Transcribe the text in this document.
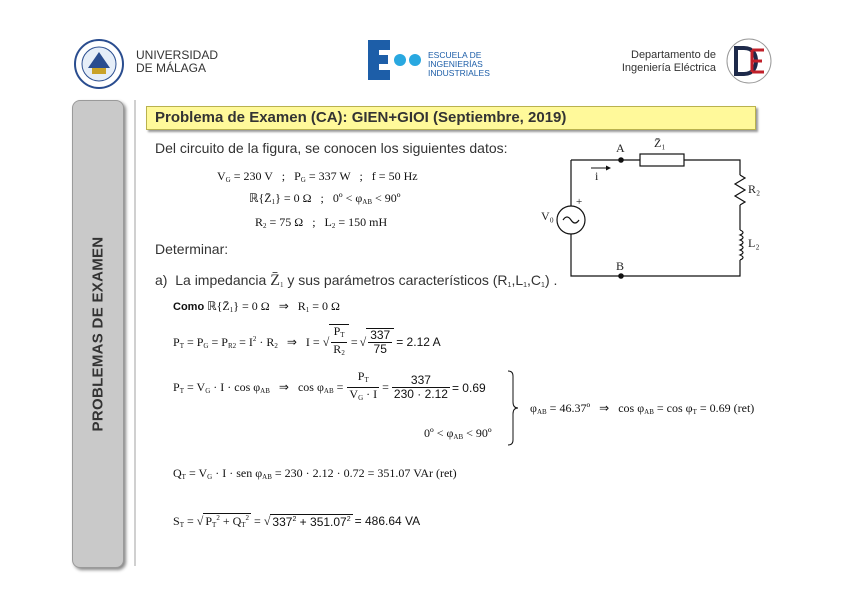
UNIVERSIDAD
DE MÁLAGA
ESCUELA DE
INGENIERÍAS
INDUSTRIALES
Departamento de
Ingeniería Eléctrica
PROBLEMAS DE EXAMEN
Problema de Examen (CA): GIEN+GIOI (Septiembre, 2019)
Del circuito de la figura, se conocen los siguientes datos:
$V_G = 230$ V   ;   $P_G = 337$ W   ;   f = 50 Hz
$ℝ\{Z̄_1\} = 0$ Ω   ;   0º < $\varphi_{AB}$ < 90º
$R_2 = 75$ Ω   ;   $L_2 = 150$ mH
Determinar:
a)  La impedancia $Z̄_1$ y sus parámetros característicos $(R_1,L_1,C_1)$ .
Como $ℝ\{Z̄_1\} = 0$ Ω   ⇒   $R_1 = 0$ Ω
$P_T = P_G = P_{R2} = I^2 \cdot R_2$   ⇒   I = √ $\frac{P_T}{R_2}$ = √ $\frac{337}{75} = 2.12$ A
$P_T = V_G \cdot I \cdot \cos \varphi_{AB}$   ⇒   $\cos \varphi_{AB} = \frac{P_T}{V_G \cdot I} = \frac{337}{230 \cdot 2.12} = 0.69$
0º < $\varphi_{AB}$ < 90º
$\varphi_{AB}$ = 46.37º   ⇒   $\cos \varphi_{AB} = \cos \varphi_T = 0.69$ (ret)
$Q_T = V_G \cdot I$ · sen $\varphi_{AB} = 230 \cdot 2.12 \cdot 0.72 = 351.07$ VAr (ret)
$S_T$ = √ $P_T^2 + Q_T^2$ = √ $337^2 + 351.07^2 = 486.64$ VA
A
B
Z̄₁
i
V₀
+
R₂
L₂
